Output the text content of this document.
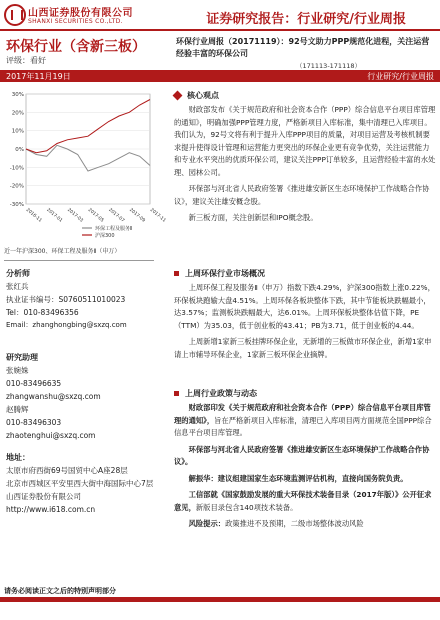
山西证券股份有限公司
SHANXI SECURITIES CO.,LTD.	证券研究报告：行业研究/行业周报
环保行业（含新三板）
评级：看好
2017年11月19日	行业研究/行业周报
环保行业周报（20171119）：92号文助力PPP规范化进程，关注运营经验丰富的环保公司
（171113-171118）
30%
20%
10%
0%
-10%
-20%
-30%
2016-11 2017-01 2017-03 2017-05 2017-07 2017-09 2017-11
环保工程及服务Ⅱ
沪深300
近一年沪深300、环保工程及服务Ⅱ（申万）
分析师
张红兵
执业证书编号：S0760511010023
Tel：010-83496356
Email：zhanghongbing@sxzq.com
研究助理
张婉姝
010-83496635
zhangwanshu@sxzq.com
赵腾辉
010-83496303
zhaotenghui@sxzq.com
地址：
太原市府西街69号国贸中心A座28层
北京市西城区平安里西大街中海国际中心7层
山西证券股份有限公司
http://www.i618.com.cn
核心观点

财政部发布《关于规范政府和社会资本合作（PPP）综合信息平台项目库管理的通知》，明确加强PPP管理力度，严格新项目入库标准，集中清理已入库项目。我们认为，92号文将有利于提升入库PPP项目的质量，对项目运营及考核机制要求提升使得设计管理和运营能力更突出的环保企业更有竞争优势，关注运营能力和专业水平突出的优质环保公司，建议关注PPP订单较多，且运营经验丰富的水处理、园林公司。

环保部与河北省人民政府签署《推进雄安新区生态环境保护工作战略合作协议》，建议关注雄安概念股。

新三板方面，关注创新层和IPO概念股。

上周环保行业市场概况

上周环保工程及服务Ⅱ（申万）指数下跌4.29%，沪深300指数上涨0.22%，环保板块跑输大盘4.51%。上周环保各板块整体下跌，其中节能板块跌幅最小，达3.57%；监测板块跌幅最大，达6.01%。上周环保板块整体估值下降，PE（TTM）为35.03，低于创业板的43.41；PB为3.71，低于创业板的4.44。

上周新增1家新三板挂牌环保企业，无新增的三板做市环保企业，新增1家申请上市辅导环保企业，1家新三板环保企业摘牌。

上周行业政策与动态

财政部印发《关于规范政府和社会资本合作（PPP）综合信息平台项目库管理的通知》，旨在严格新项目入库标准，清理已入库项目两方面规范全国PPP综合信息平台项目库管理。

环保部与河北省人民政府签署《推进雄安新区生态环境保护工作战略合作协议》。

解振华：建议组建国家生态环境监测评估机构，直接向国务院负责。

工信部就《国家鼓励发展的重大环保技术装备目录（2017年版）》公开征求意见，新版目录包含140项技术装备。

风险提示：政策推进不及预期，二级市场整体波动风险

请务必阅读正文之后的特别声明部分
